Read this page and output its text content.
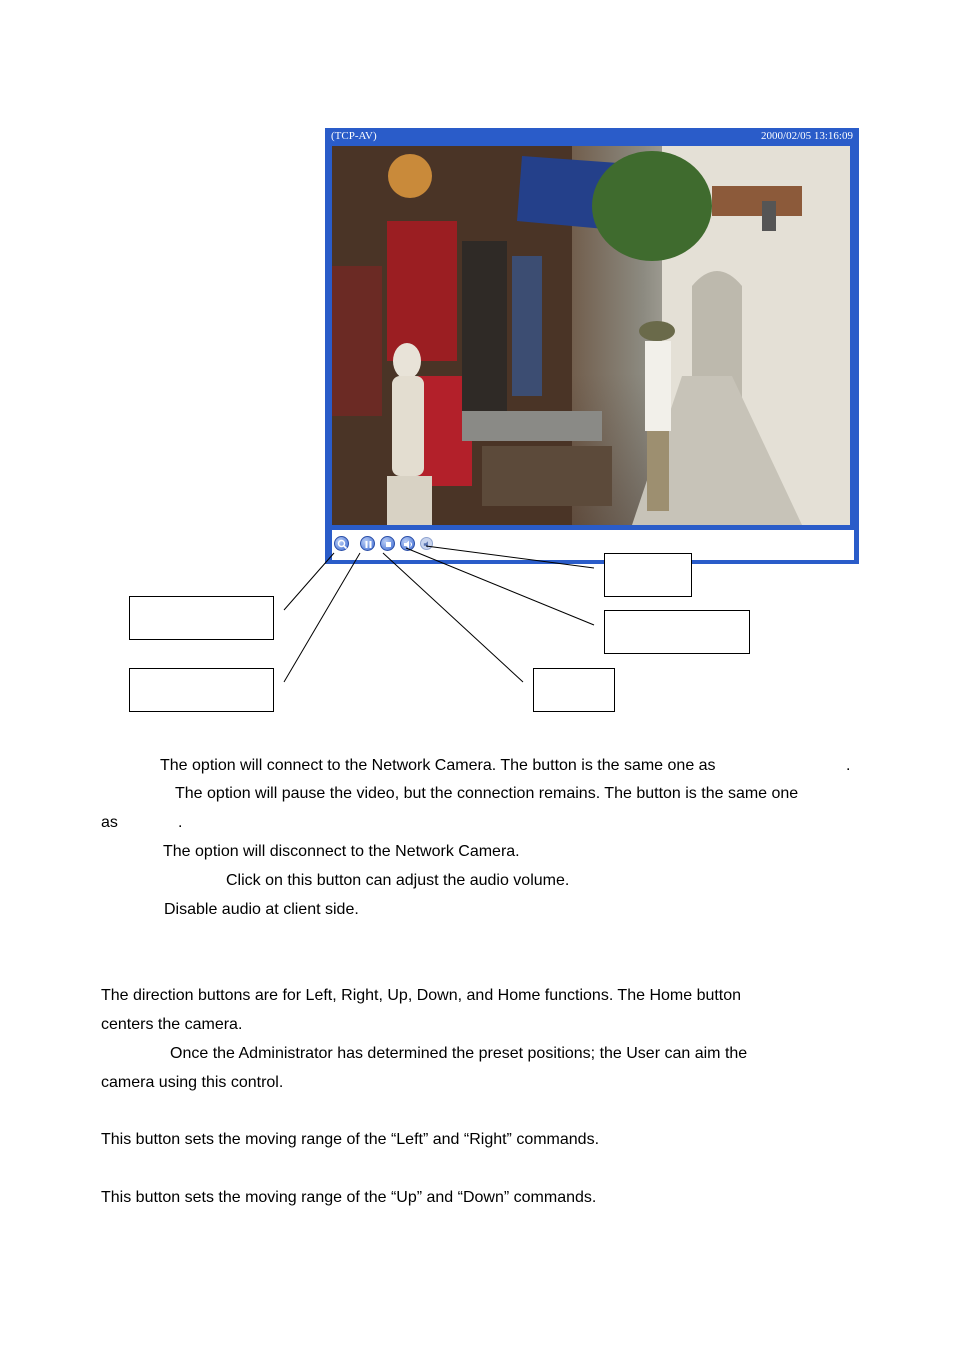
(TCP-AV)	2000/02/05 13:16:09
The option will connect to the Network Camera. The button is the same one as	.
The option will pause the video, but the connection remains. The button is the same one
as	.
The option will disconnect to the Network Camera.
Click on this button can adjust the audio volume.
Disable audio at client side.
The direction buttons are for Left, Right, Up, Down, and Home functions. The Home button
centers the camera.
Once the Administrator has determined the preset positions; the User can aim the
camera using this control.
This button sets the moving range of the “Left” and “Right” commands.
This button sets the moving range of the “Up” and “Down” commands.
